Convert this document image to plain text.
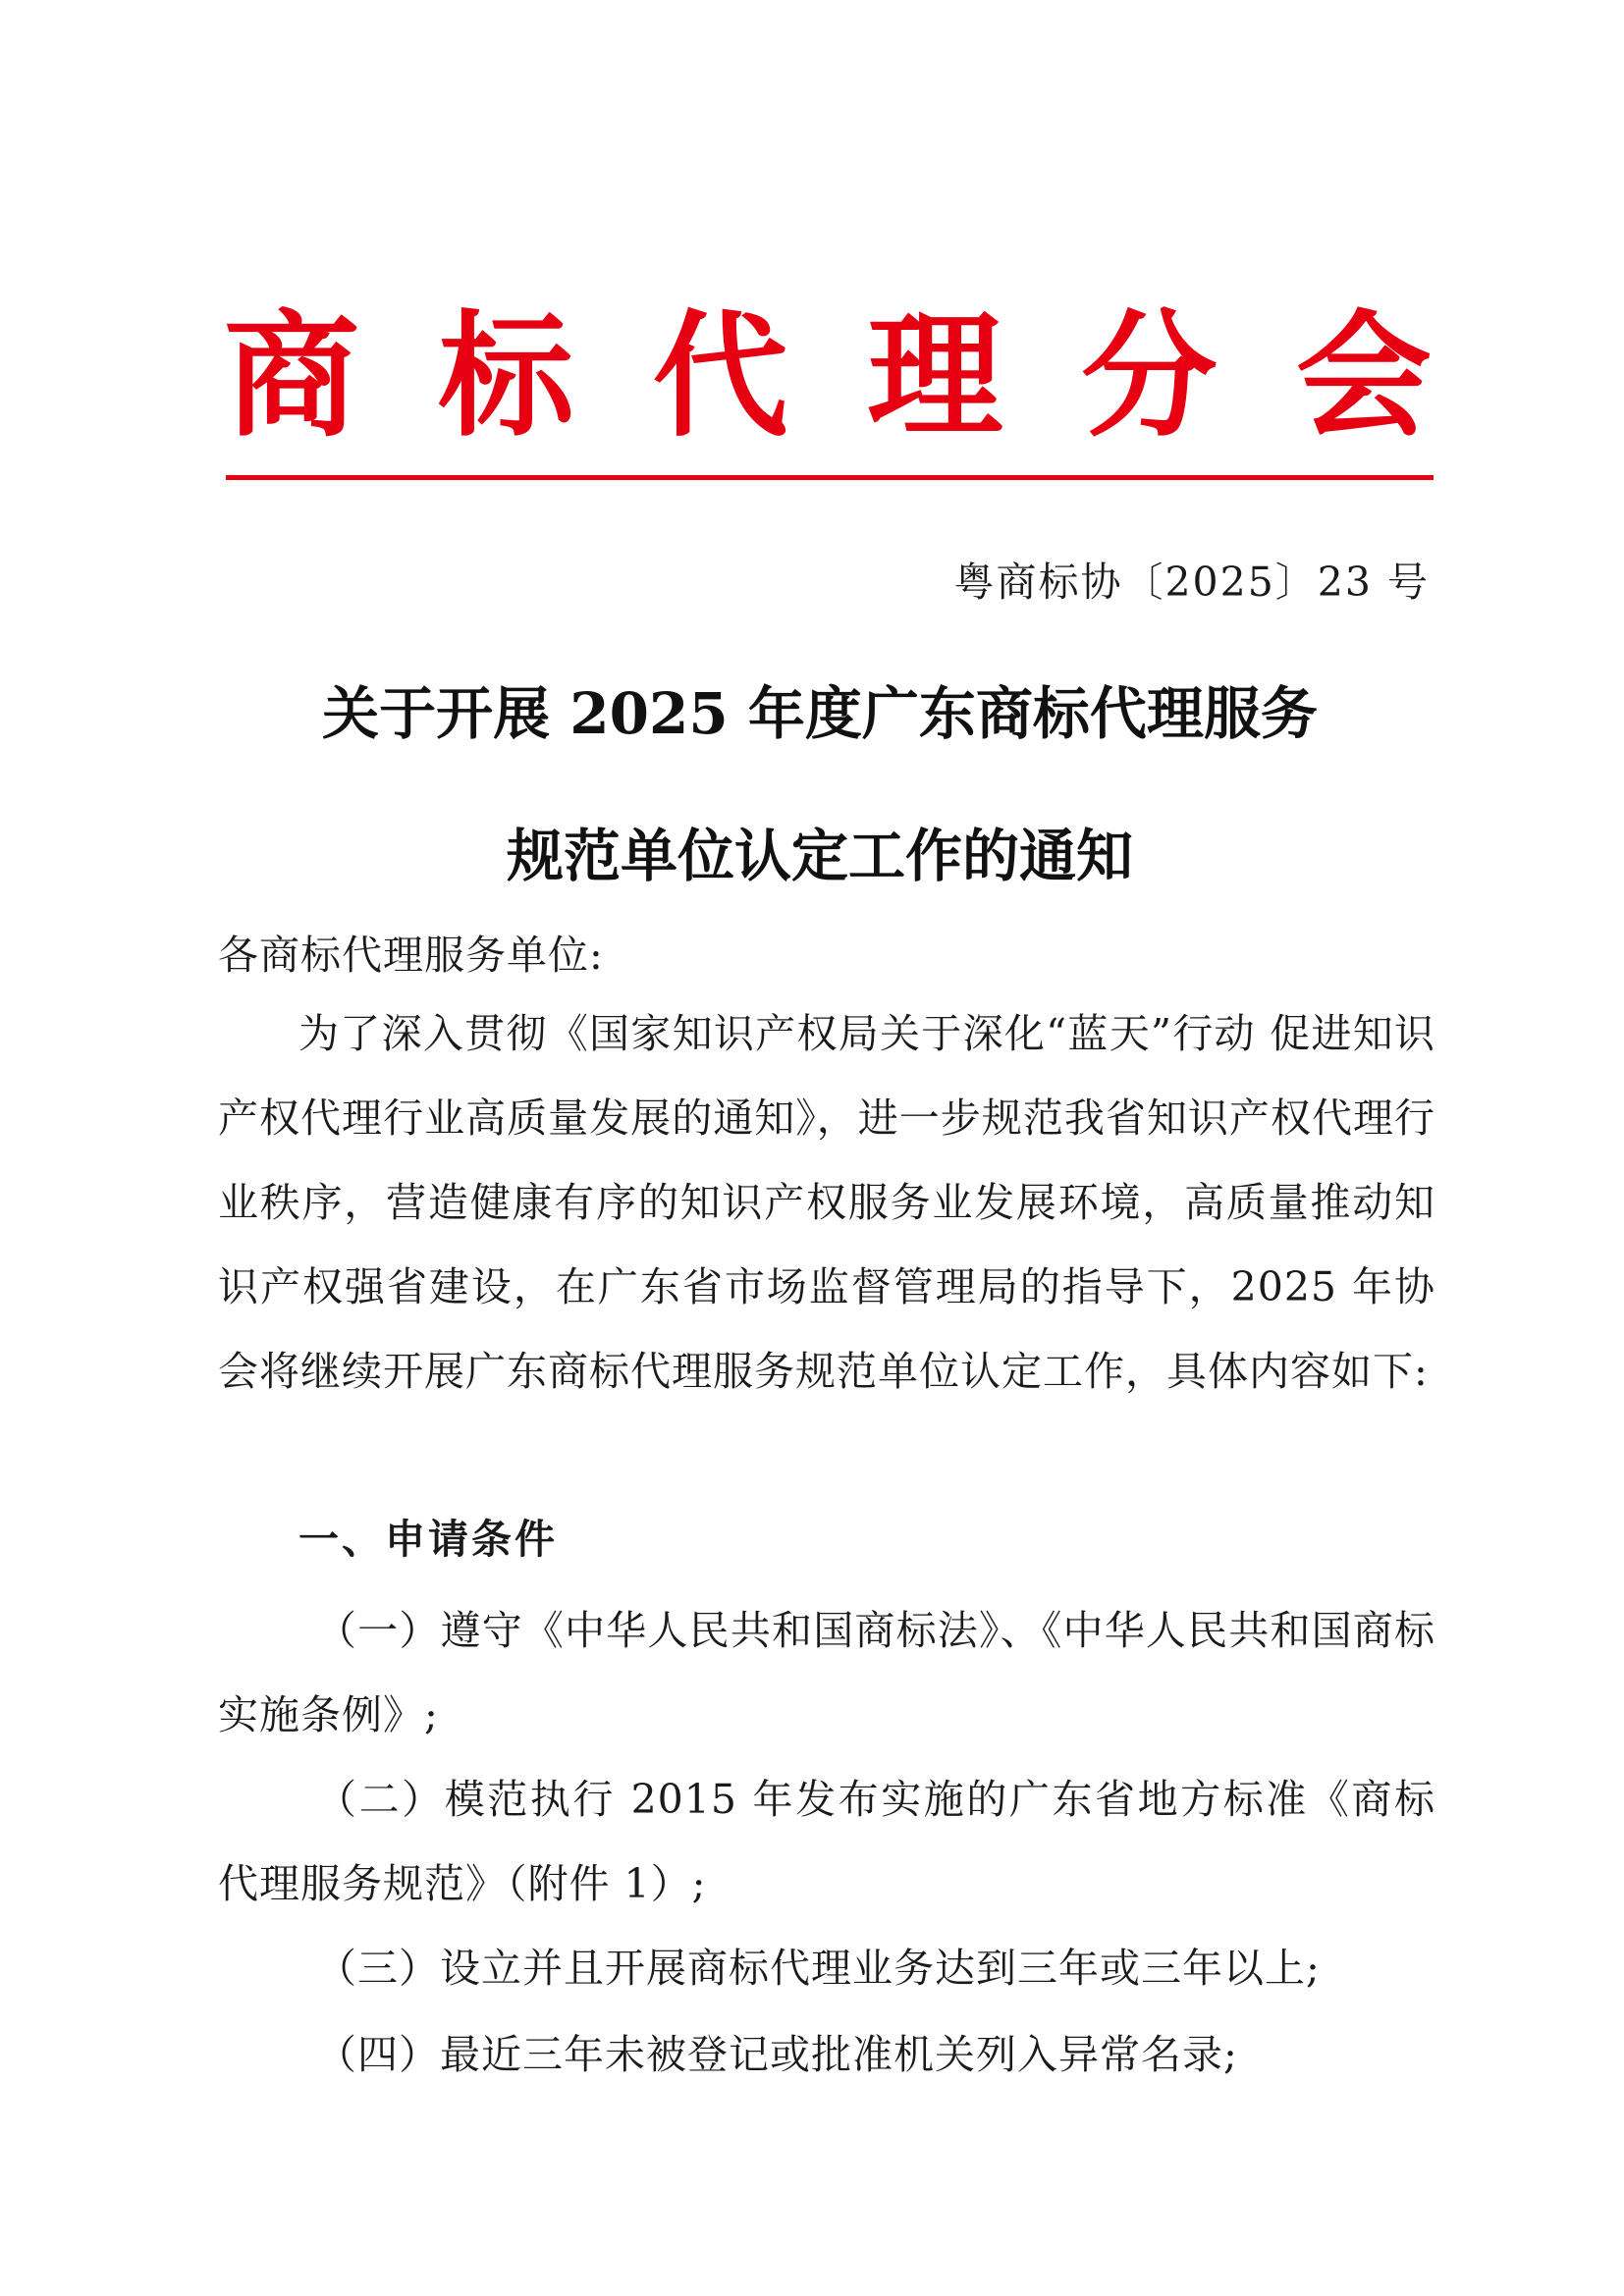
商 标 代 理 分 会
粤商标协〔2025〕23 号
关于开展 2025 年度广东商标代理服务
规范单位认定工作的通知
各商标代理服务单位:
为了深入贯彻《国家知识产权局关于深化“蓝天”行动 促进知识产权代理行业高质量发展的通知》，进一步规范我省知识产权代理行业秩序，营造健康有序的知识产权服务业发展环境，高质量推动知识产权强省建设，在广东省市场监督管理局的指导下，2025 年协会将继续开展广东商标代理服务规范单位认定工作，具体内容如下:
一、申请条件
（一）遵守《中华人民共和国商标法》、《中华人民共和国商标实施条例》;
（二）模范执行 2015 年发布实施的广东省地方标准《商标代理服务规范》（附件 1）;
（三）设立并且开展商标代理业务达到三年或三年以上;
（四）最近三年未被登记或批准机关列入异常名录;
